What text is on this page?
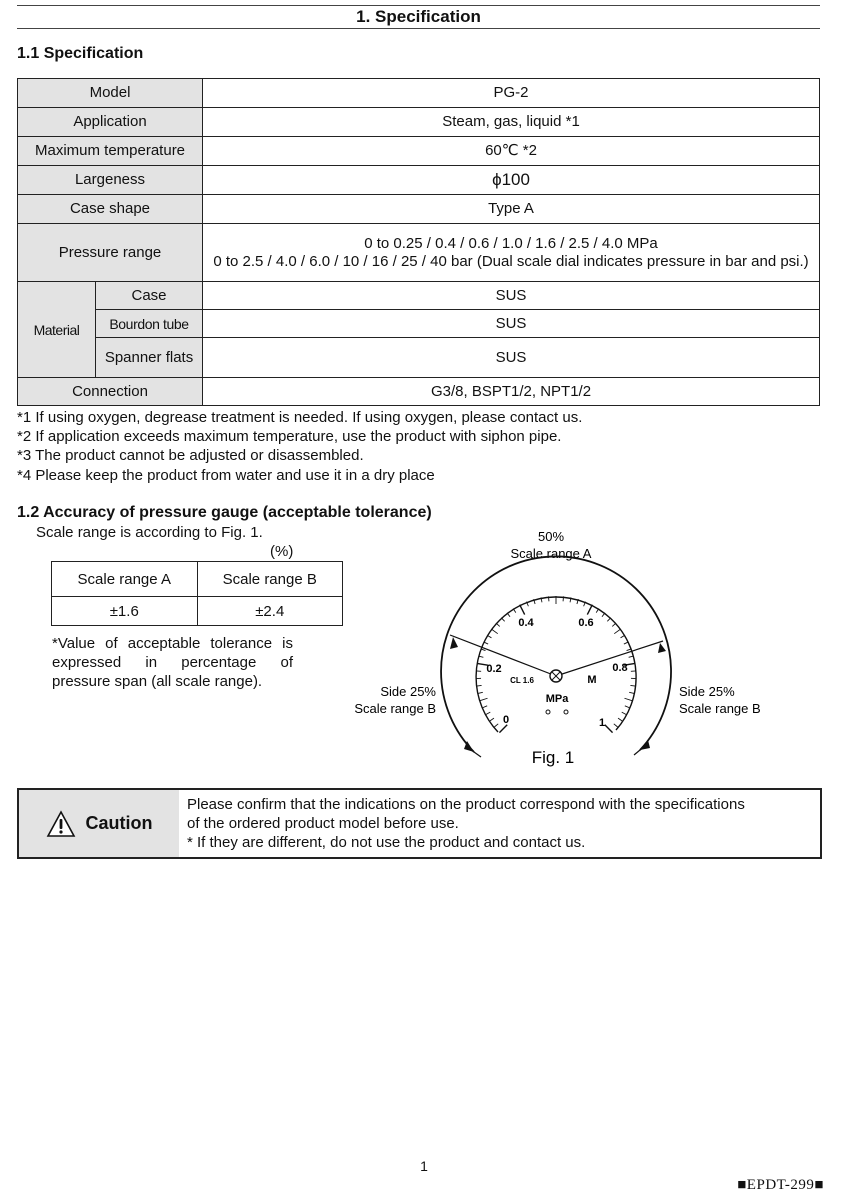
1. Specification
1.1 Specification
Model		PG-2
Application		Steam, gas, liquid *1
Maximum temperature		60℃ *2
Largeness		ϕ100
Case shape		Type A
Pressure range		0 to 0.25 / 0.4 / 0.6 / 1.0 / 1.6 / 2.5 / 4.0 MPa
0 to 2.5 / 4.0 / 6.0 / 10 / 16 / 25 / 40 bar (Dual scale dial indicates pressure in bar and psi.)

Material	Case	SUS
	Bourdon tube	SUS
	Spanner flats	SUS
Connection		G3/8, BSPT1/2, NPT1/2
*1 If using oxygen, degrease treatment is needed. If using oxygen, please contact us.
*2 If application exceeds maximum temperature, use the product with siphon pipe.
*3 The product cannot be adjusted or disassembled.
*4 Please keep the product from water and use it in a dry place
1.2 Accuracy of pressure gauge (acceptable tolerance)
Scale range is according to Fig. 1.
(%)
Scale range A	Scale range B
±1.6	±2.4
*Value of acceptable tolerance is
expressed in percentage of
pressure span (all scale range).
50%
Scale range A
Side 25%
Scale range B
Side 25%
Scale range B
Fig. 1
0
0.2
0.4	0.6
0.8
1
CL 1.6
MPa
M
Caution
Please confirm that the indications on the product correspond with the specifications
of the ordered product model before use.
* If they are different, do not use the product and contact us.
1
■EPDT-299■
